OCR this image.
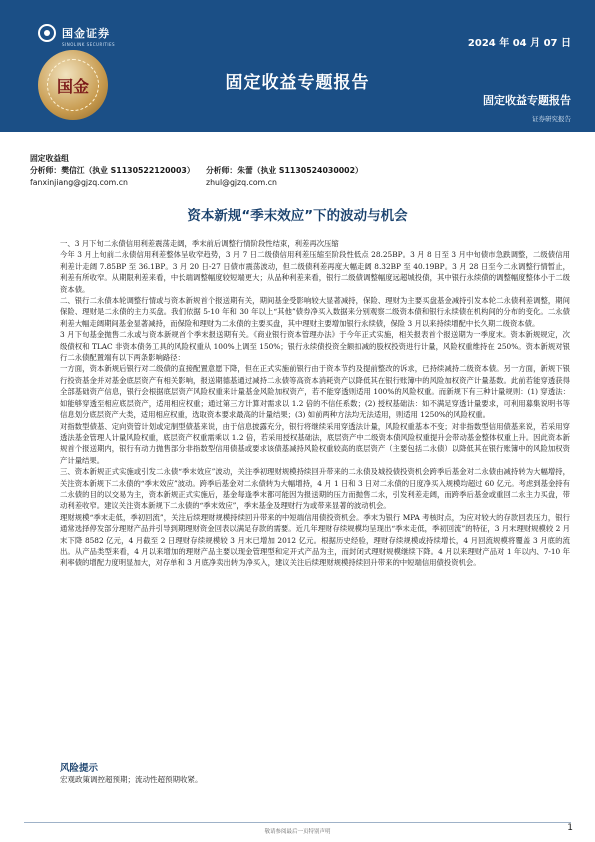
国金证券
SINOLINK SECURITIES
国金
2024 年 04 月 07 日
固定收益专题报告
固定收益专题报告
证券研究报告
固定收益组
分析师：樊信江（执业 S1130522120003）	分析师：朱蕾（执业 S1130524030002）
fanxinjiang@gjzq.com.cn	zhul@gjzq.com.cn
资本新规“季末效应”下的波动与机会

一、3 月下旬二永债信用利差震荡走阔，季末前后调整行情阶段性结束，利差再次压缩

今年 3 月上旬前二永债信用利差整体呈收窄趋势，3 月 7 日二级债信用利差压缩至阶段性低点 28.25BP。3 月 8 日至 3 月中旬债市急跌调整，二级债信用利差计走阔 7.85BP 至 36.1BP。3 月 20 日-27 日债市震荡波动，但二级债利差再度大幅走阔 8.32BP 至 40.19BP。3 月 28 日至今二永调整行情暂止，利差有所收窄。从期限利差来看，中长端调整幅度较短端更大；从品种利差来看，银行二级债调整幅度远超城投债，其中银行永续债的调整幅度整体小于二级资本债。

二、银行二永债本轮调整行情或与资本新规首个报送期有关，期间基金受影响较大显著减持，保险、理财为主要买盘基金减持引发本轮二永债利差调整，期间保险、理财是二永债的主力买盘。我们依据 5-10 年和 30 年以上“其他”债券净买入数据来分别观察二级资本债和银行永续债在机构间的分布的变化。二永债利差大幅走阔期间基金显著减持，而保险和理财为二永债的主要买盘，其中理财主要增加银行永续债，保险 3 月以来持续增配中长久期二级资本债。

3 月下旬基金抛售二永或与资本新规首个季末报送期有关。《商业银行资本管理办法》于今年正式实施，相关报表首个报送期为一季度末。资本新规规定，次级债权和 TLAC 非资本债务工具的风险权重从 100%上调至 150%；银行永续债投资全额扣减的股权投资进行计量，风险权重维持在 250%。资本新规对银行二永债配置端有以下两条影响路径：

一方面，资本新规后银行对二级债的直接配置意愿下降，但在正式实施前银行由于资本节约及提前整改的诉求，已持续减持二级资本债。另一方面，新规下银行投资基金并对基金底层资产有相关影响，报送期德基通过减持二永债等高资本消耗资产以降低其在银行账簿中的风险加权资产计量基数。此前若能穿透获得全部基础资产信息，银行会根据底层资产风险权重来计量基金风险加权资产，若不能穿透则适用 100%的风险权重。而新规下有三种计量规则：(1) 穿透法：如能够穿透至相应底层资产，适用相应权重；通过第三方计算对需求以 1.2 倍的不信任系数；(2) 授权基础法：如不满足穿透计量要求，可利用募集说明书等信息划分底层资产大类，适用相应权重，选取资本要求最高的计量结果；(3) 如前两种方法均无法适用，则适用 1250%的风险权重。

对指数型债基、定向资管计划或定制型债基来说，由于信息披露充分，银行将继续采用穿透法计量，风险权重基本不变；对非指数型信用债基来说，若采用穿透法基金管理人计量风险权重，底层资产权重需乘以 1.2 倍，若采用授权基础法，底层资产中二级资本债风险权重提升会带动基金整体权重上升。因此资本新规首个报送期内，银行有动力抛售部分非指数型信用债基或要求该债基减持风险权重较高的底层资产（主要包括二永债）以降低其在银行账簿中的风险加权资产计量结果。

三、资本新规正式实施或引发二永债“季末效应”波动，关注季初理财规模持续回升带来的二永债及城投债投资机会跨季后基金对二永债由减持转为大幅增持，关注资本新规下二永债的“季末效应”波动。跨季后基金对二永债转为大幅增持，4 月 1 日和 3 日对二永债的日度净买入规模均超过 60 亿元。考虑到基金持有二永债的目的以交易为主，资本新规正式实施后，基金每逢季末都可能因为报送期的压力而抛售二永，引发利差走阔，而跨季后基金或重回二永主力买盘，带动利差收窄。建议关注资本新规下二永债的“季末效应”，季末基金及理财行为或带来显著的波动机会。

理财规模“季末走低，季初回流”，关注后续理财规模持续回升带来的中短端信用债投资机会。季末为银行 MPA 考核时点，为应对较大的存款回表压力，银行通常选择停发部分理财产品并引导到期理财资金回表以满足存款的需要。近几年理财存续规模均呈现出“季末走低，季初回流”的特征，3 月末理财规模较 2 月末下降 8582 亿元，4 月截至 2 日理财存续规模较 3 月末已增加 2012 亿元。根据历史经验，理财存续规模或持续增长，4 月回流规模将覆盖 3 月底的流出。从产品类型来看，4 月以来增加的理财产品主要以现金管理型和定开式产品为主，而封闭式理财规模继续下降。4 月以来理财产品对 1 年以内、7-10 年利率债的增配力度明显加大，对存单和 3 月底净卖出转为净买入，建议关注后续理财规模持续回升带来的中短端信用债投资机会。

风险提示
宏观政策调控超预期；流动性超预期收紧。
敬请参阅最后一页特别声明	1
